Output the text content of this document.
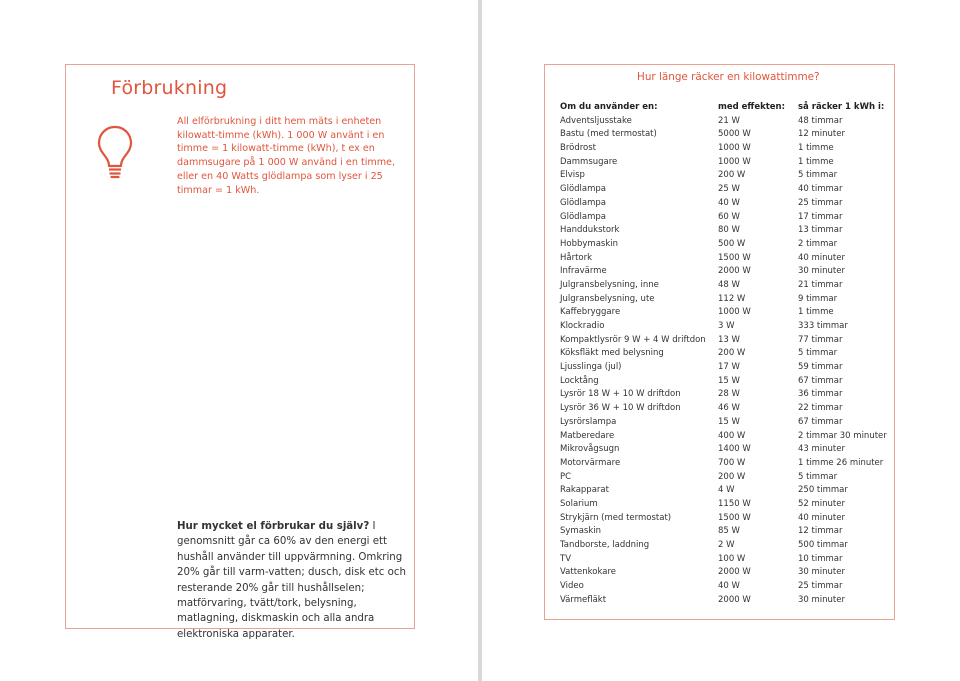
Förbrukning
All elförbrukning i ditt hem mäts i enheten kilowatt-timme (kWh). 1 000 W använt i en timme = 1 kilowatt-timme (kWh), t ex en dammsugare på 1 000 W använd i en timme, eller en 40 Watts glödlampa som lyser i 25 timmar = 1 kWh.
Hur mycket el förbrukar du själv? I genomsnitt går ca 60% av den energi ett hushåll använder till uppvärmning. Omkring 20% går till varm-vatten; dusch, disk etc och resterande 20% går till hushållselen; matförvaring, tvätt/tork, belysning, matlagning, diskmaskin och alla andra elektroniska apparater.
Hur länge räcker en kilowattimme?
Om du använder en:	med effekten:	så räcker 1 kWh i:
Adventsljusstake	21 W	48 timmar
Bastu (med termostat)	5000 W	12 minuter
Brödrost	1000 W	1 timme
Dammsugare	1000 W	1 timme
Elvisp	200 W	5 timmar
Glödlampa	25 W	40 timmar
Glödlampa	40 W	25 timmar
Glödlampa	60 W	17 timmar
Handdukstork	80 W	13 timmar
Hobbymaskin	500 W	2 timmar
Hårtork	1500 W	40 minuter
Infravärme	2000 W	30 minuter
Julgransbelysning, inne	48 W	21 timmar
Julgransbelysning, ute	112 W	9 timmar
Kaffebryggare	1000 W	1 timme
Klockradio	3 W	333 timmar
Kompaktlysrör 9 W + 4 W driftdon	13 W	77 timmar
Köksfläkt med belysning	200 W	5 timmar
Ljusslinga (jul)	17 W	59 timmar
Locktång	15 W	67 timmar
Lysrör 18 W + 10 W driftdon	28 W	36 timmar
Lysrör 36 W + 10 W driftdon	46 W	22 timmar
Lysrörslampa	15 W	67 timmar
Matberedare	400 W	2 timmar 30 minuter
Mikrovågsugn	1400 W	43 minuter
Motorvärmare	700 W	1 timme 26 minuter
PC	200 W	5 timmar
Rakapparat	4 W	250 timmar
Solarium	1150 W	52 minuter
Strykjärn (med termostat)	1500 W	40 minuter
Symaskin	85 W	12 timmar
Tandborste, laddning	2 W	500 timmar
TV	100 W	10 timmar
Vattenkokare	2000 W	30 minuter
Video	40 W	25 timmar
Värmefläkt	2000 W	30 minuter
